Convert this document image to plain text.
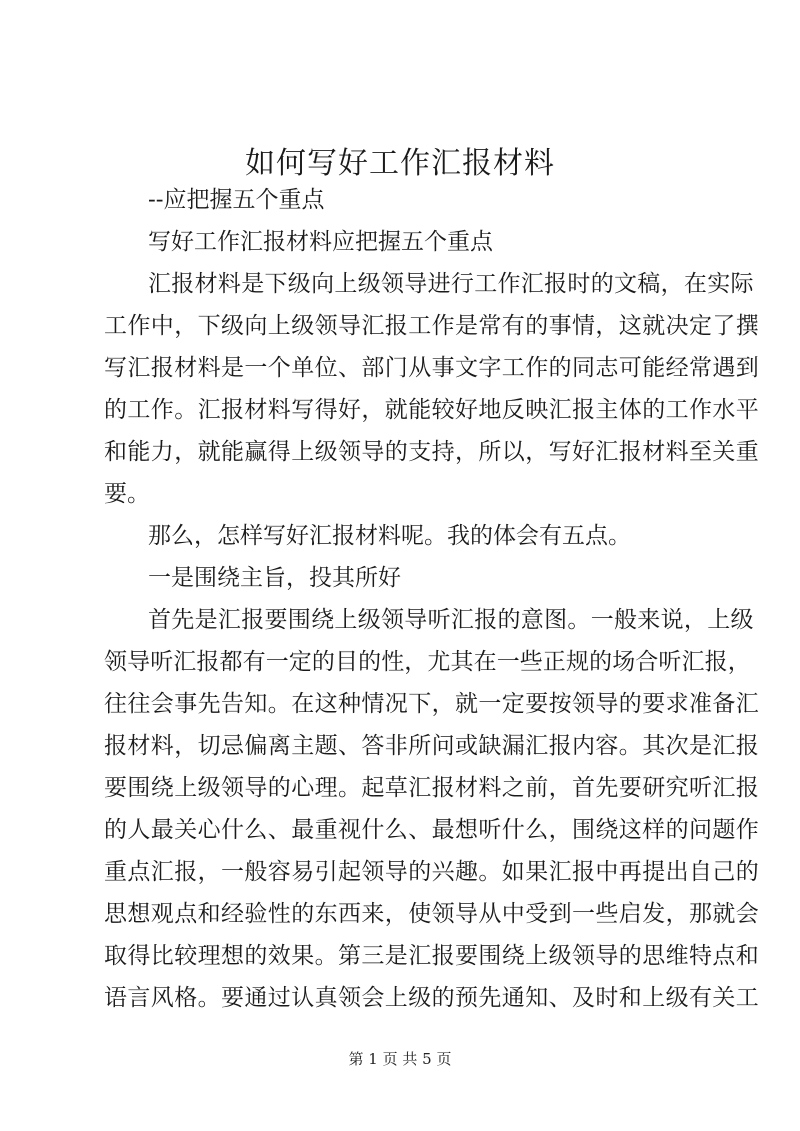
如何写好工作汇报材料

--应把握五个重点

写好工作汇报材料应把握五个重点

汇报材料是下级向上级领导进行工作汇报时的文稿，在实际

工作中，下级向上级领导汇报工作是常有的事情，这就决定了撰

写汇报材料是一个单位、部门从事文字工作的同志可能经常遇到

的工作。汇报材料写得好，就能较好地反映汇报主体的工作水平

和能力，就能赢得上级领导的支持，所以，写好汇报材料至关重

要。

那么，怎样写好汇报材料呢。我的体会有五点。

一是围绕主旨，投其所好

首先是汇报要围绕上级领导听汇报的意图。一般来说，上级

领导听汇报都有一定的目的性，尤其在一些正规的场合听汇报，

往往会事先告知。在这种情况下，就一定要按领导的要求准备汇

报材料，切忌偏离主题、答非所问或缺漏汇报内容。其次是汇报

要围绕上级领导的心理。起草汇报材料之前，首先要研究听汇报

的人最关心什么、最重视什么、最想听什么，围绕这样的问题作

重点汇报，一般容易引起领导的兴趣。如果汇报中再提出自己的

思想观点和经验性的东西来，使领导从中受到一些启发，那就会

取得比较理想的效果。第三是汇报要围绕上级领导的思维特点和

语言风格。要通过认真领会上级的预先通知、及时和上级有关工

第 1 页 共 5 页
